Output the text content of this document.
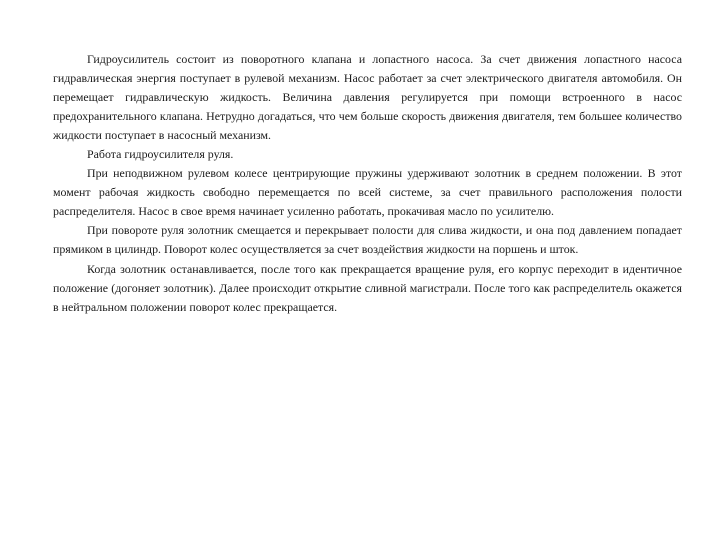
Гидроусилитель состоит из поворотного клапана и лопастного насоса. За счет движения лопастного насоса гидравлическая энергия поступает в рулевой механизм. Насос работает за счет электрического двигателя автомобиля. Он перемещает гидравлическую жидкость. Величина давления регулируется при помощи встроенного в насос предохранительного клапана. Нетрудно догадаться, что чем больше скорость движения двигателя, тем большее количество жидкости поступает в насосный механизм.

Работа гидроусилителя руля.

При неподвижном рулевом колесе центрирующие пружины удерживают золотник в среднем положении. В этот момент рабочая жидкость свободно перемещается по всей системе, за счет правильного расположения полости распределителя. Насос в свое время начинает усиленно работать, прокачивая масло по усилителю.

При повороте руля золотник смещается и перекрывает полости для слива жидкости, и она под давлением попадает прямиком в цилиндр. Поворот колес осуществляется за счет воздействия жидкости на поршень и шток.

Когда золотник останавливается, после того как прекращается вращение руля, его корпус переходит в идентичное положение (догоняет золотник). Далее происходит открытие сливной магистрали. После того как распределитель окажется в нейтральном положении поворот колес прекращается.
